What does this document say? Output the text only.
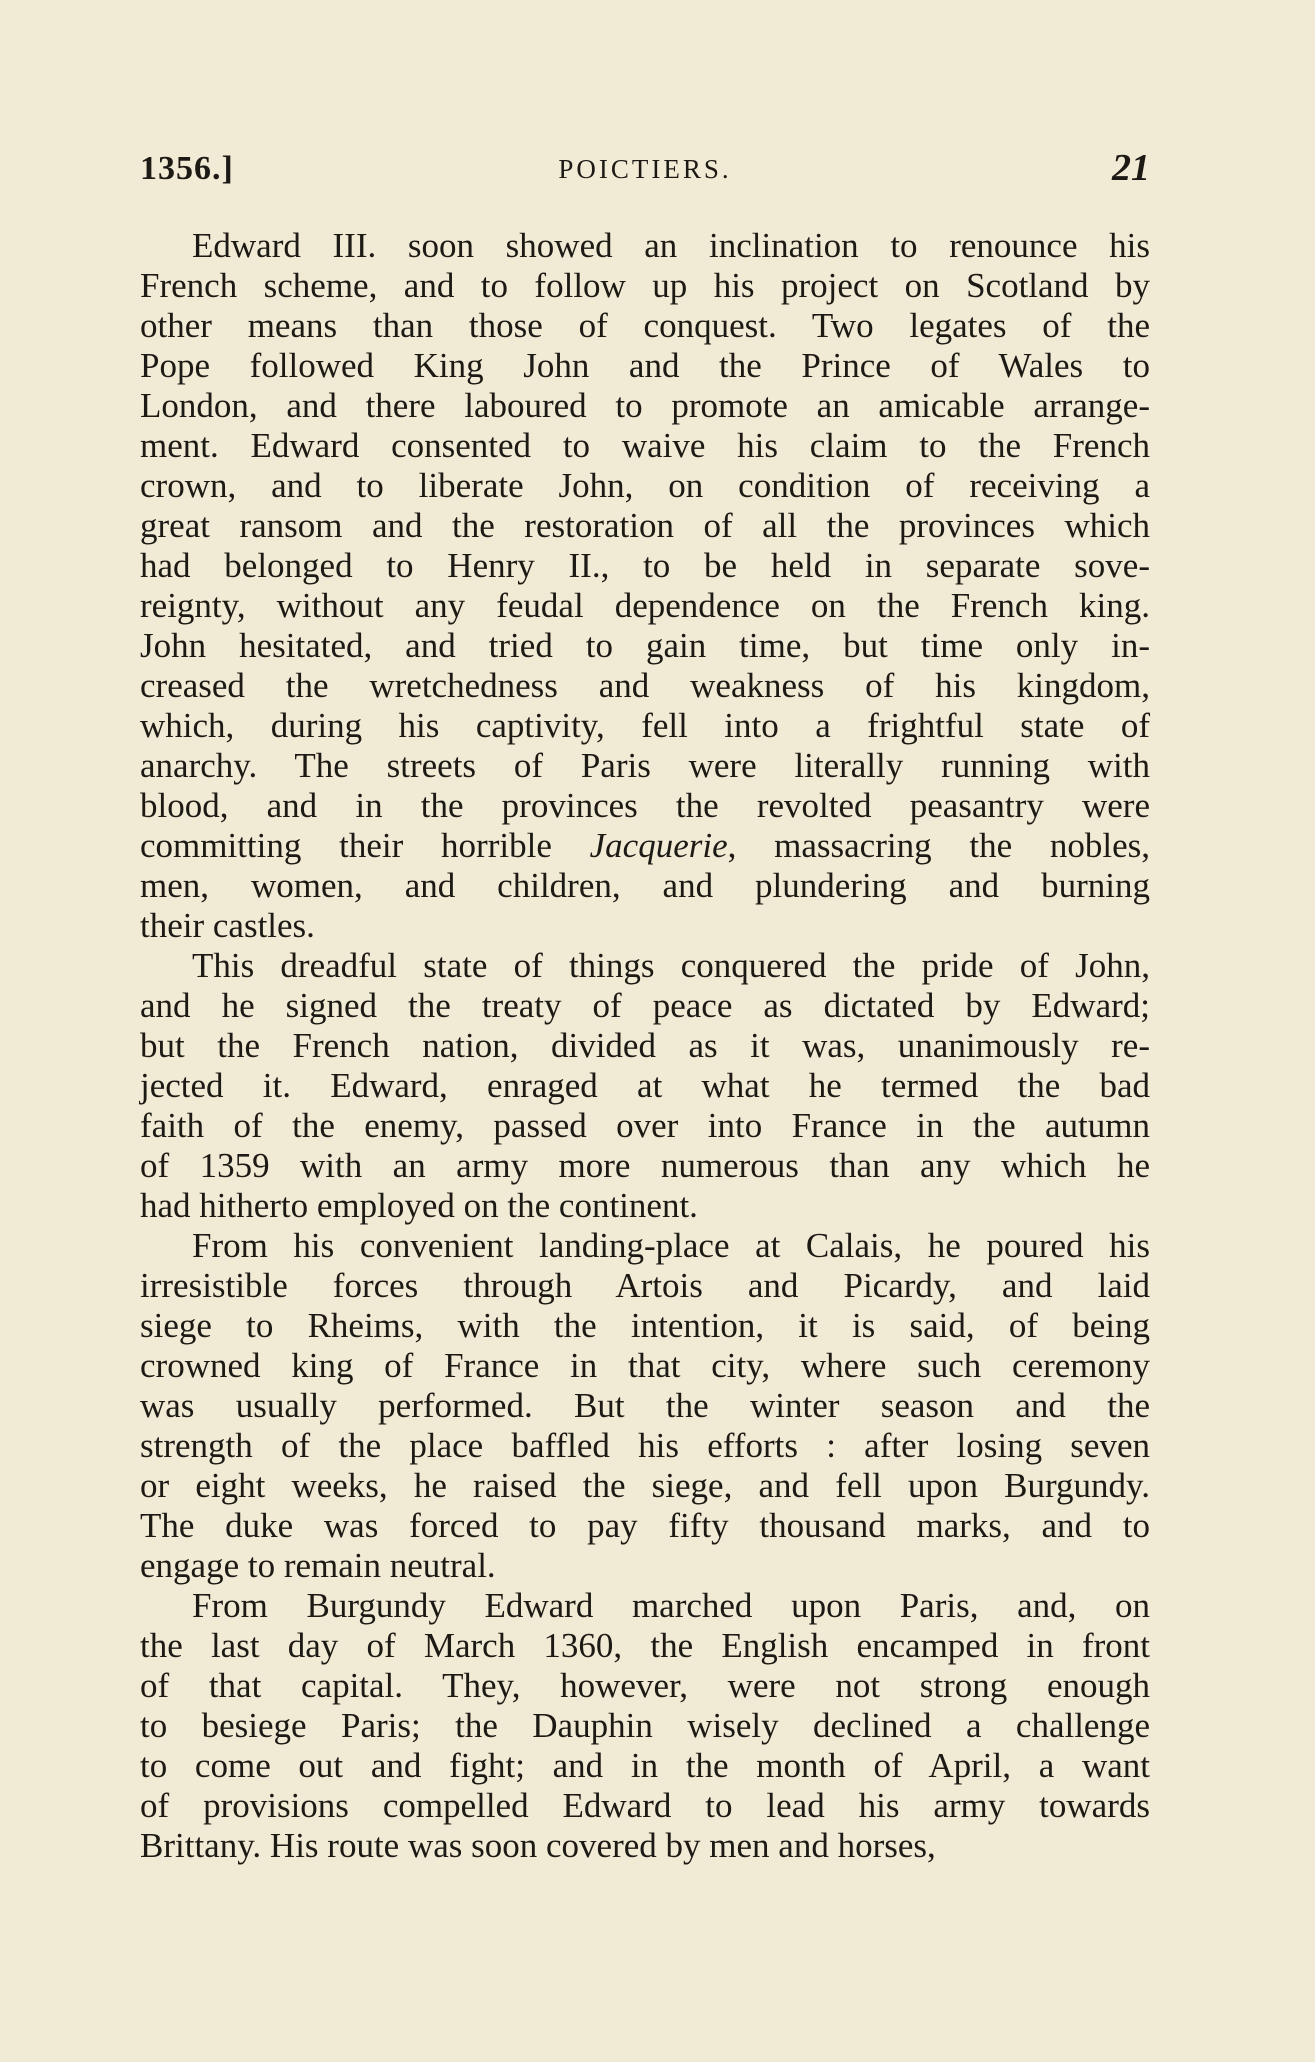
1356.]	POICTIERS.	21
Edward III. soon showed an inclination to renounce his
French scheme, and to follow up his project on Scotland by
other means than those of conquest. Two legates of the
Pope followed King John and the Prince of Wales to
London, and there laboured to promote an amicable arrange-
ment. Edward consented to waive his claim to the French
crown, and to liberate John, on condition of receiving a
great ransom and the restoration of all the provinces which
had belonged to Henry II., to be held in separate sove-
reignty, without any feudal dependence on the French king.
John hesitated, and tried to gain time, but time only in-
creased the wretchedness and weakness of his kingdom,
which, during his captivity, fell into a frightful state of
anarchy. The streets of Paris were literally running with
blood, and in the provinces the revolted peasantry were
committing their horrible Jacquerie, massacring the nobles,
men, women, and children, and plundering and burning
their castles.
This dreadful state of things conquered the pride of John,
and he signed the treaty of peace as dictated by Edward;
but the French nation, divided as it was, unanimously re-
jected it. Edward, enraged at what he termed the bad
faith of the enemy, passed over into France in the autumn
of 1359 with an army more numerous than any which he
had hitherto employed on the continent.
From his convenient landing-place at Calais, he poured his
irresistible forces through Artois and Picardy, and laid
siege to Rheims, with the intention, it is said, of being
crowned king of France in that city, where such ceremony
was usually performed. But the winter season and the
strength of the place baffled his efforts : after losing seven
or eight weeks, he raised the siege, and fell upon Burgundy.
The duke was forced to pay fifty thousand marks, and to
engage to remain neutral.
From Burgundy Edward marched upon Paris, and, on
the last day of March 1360, the English encamped in front
of that capital. They, however, were not strong enough
to besiege Paris; the Dauphin wisely declined a challenge
to come out and fight; and in the month of April, a want
of provisions compelled Edward to lead his army towards
Brittany. His route was soon covered by men and horses,
